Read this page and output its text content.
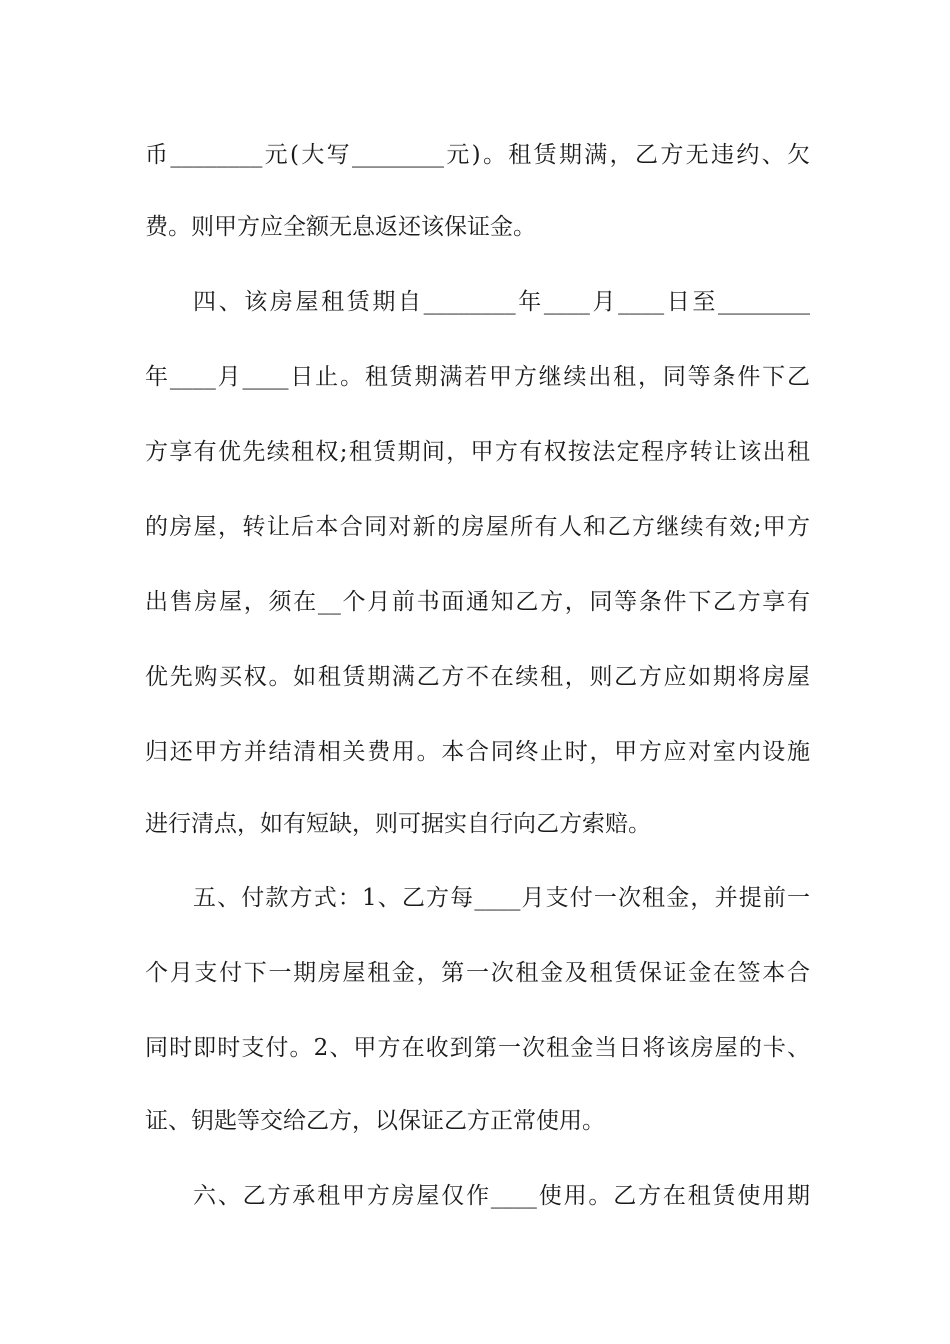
币________元(大写________元)。租赁期满，乙方无违约、欠
费。则甲方应全额无息返还该保证金。
四、该房屋租赁期自________年____月____日至________
年____月____日止。租赁期满若甲方继续出租，同等条件下乙
方享有优先续租权;租赁期间，甲方有权按法定程序转让该出租
的房屋，转让后本合同对新的房屋所有人和乙方继续有效;甲方
出售房屋，须在__个月前书面通知乙方，同等条件下乙方享有
优先购买权。如租赁期满乙方不在续租，则乙方应如期将房屋
归还甲方并结清相关费用。本合同终止时，甲方应对室内设施
进行清点，如有短缺，则可据实自行向乙方索赔。
五、付款方式：1、乙方每____月支付一次租金，并提前一
个月支付下一期房屋租金，第一次租金及租赁保证金在签本合
同时即时支付。2、甲方在收到第一次租金当日将该房屋的卡、
证、钥匙等交给乙方，以保证乙方正常使用。
六、乙方承租甲方房屋仅作____使用。乙方在租赁使用期
